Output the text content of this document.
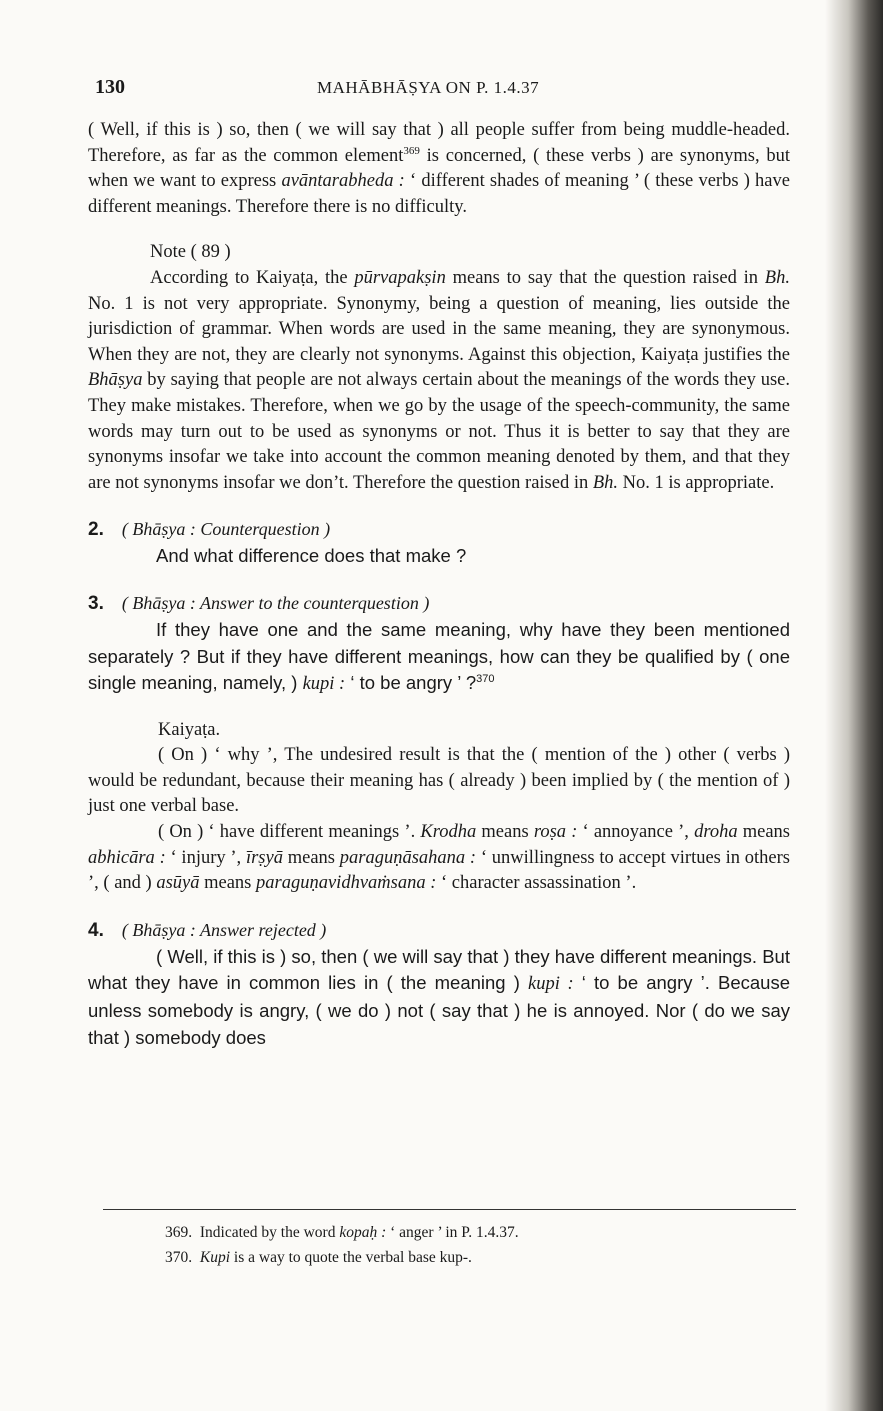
130	MAHĀBHĀṢYA ON P. 1.4.37

( Well, if this is ) so, then ( we will say that ) all people suffer from being muddle-headed. Therefore, as far as the common element$^{369}$ is concerned, ( these verbs ) are synonyms, but when we want to express avāntarabheda : ‘ different shades of meaning ’ ( these verbs ) have different meanings. Therefore there is no difficulty.

Note ( 89 )

According to Kaiyaṭa, the pūrvapakṣin means to say that the question raised in Bh. No. 1 is not very appropriate. Synonymy, being a question of meaning, lies outside the jurisdiction of grammar. When words are used in the same meaning, they are synonymous. When they are not, they are clearly not synonyms. Against this objection, Kaiyaṭa justifies the Bhāṣya by saying that people are not always certain about the meanings of the words they use. They make mistakes. Therefore, when we go by the usage of the speech-community, the same words may turn out to be used as synonyms or not. Thus it is better to say that they are synonyms insofar we take into account the common meaning denoted by them, and that they are not synonyms insofar we don’t. Therefore the question raised in Bh. No. 1 is appropriate.

2. ( Bhāṣya : Counterquestion )

And what difference does that make ?

3. ( Bhāṣya : Answer to the counterquestion )

If they have one and the same meaning, why have they been mentioned separately ? But if they have different meanings, how can they be qualified by ( one single meaning, namely, ) kupi : ‘ to be angry ’ ?$^{370}$

Kaiyaṭa.

( On ) ‘ why ’, The undesired result is that the ( mention of the ) other ( verbs ) would be redundant, because their meaning has ( already ) been implied by ( the mention of ) just one verbal base.

( On ) ‘ have different meanings ’. Krodha means roṣa : ‘ annoyance ’, droha means abhicāra : ‘ injury ’, īrṣyā means paraguṇāsahana : ‘ unwillingness to accept virtues in others ’, ( and ) asūyā means paraguṇavidhvaṁsana : ‘ character assassination ’.

4. ( Bhāṣya : Answer rejected )

( Well, if this is ) so, then ( we will say that ) they have different meanings. But what they have in common lies in ( the meaning ) kupi : ‘ to be angry ’. Because unless somebody is angry, ( we do ) not ( say that ) he is annoyed. Nor ( do we say that ) somebody does

369. Indicated by the word kopaḥ : ‘ anger ’ in P. 1.4.37.
370. Kupi is a way to quote the verbal base kup-.
